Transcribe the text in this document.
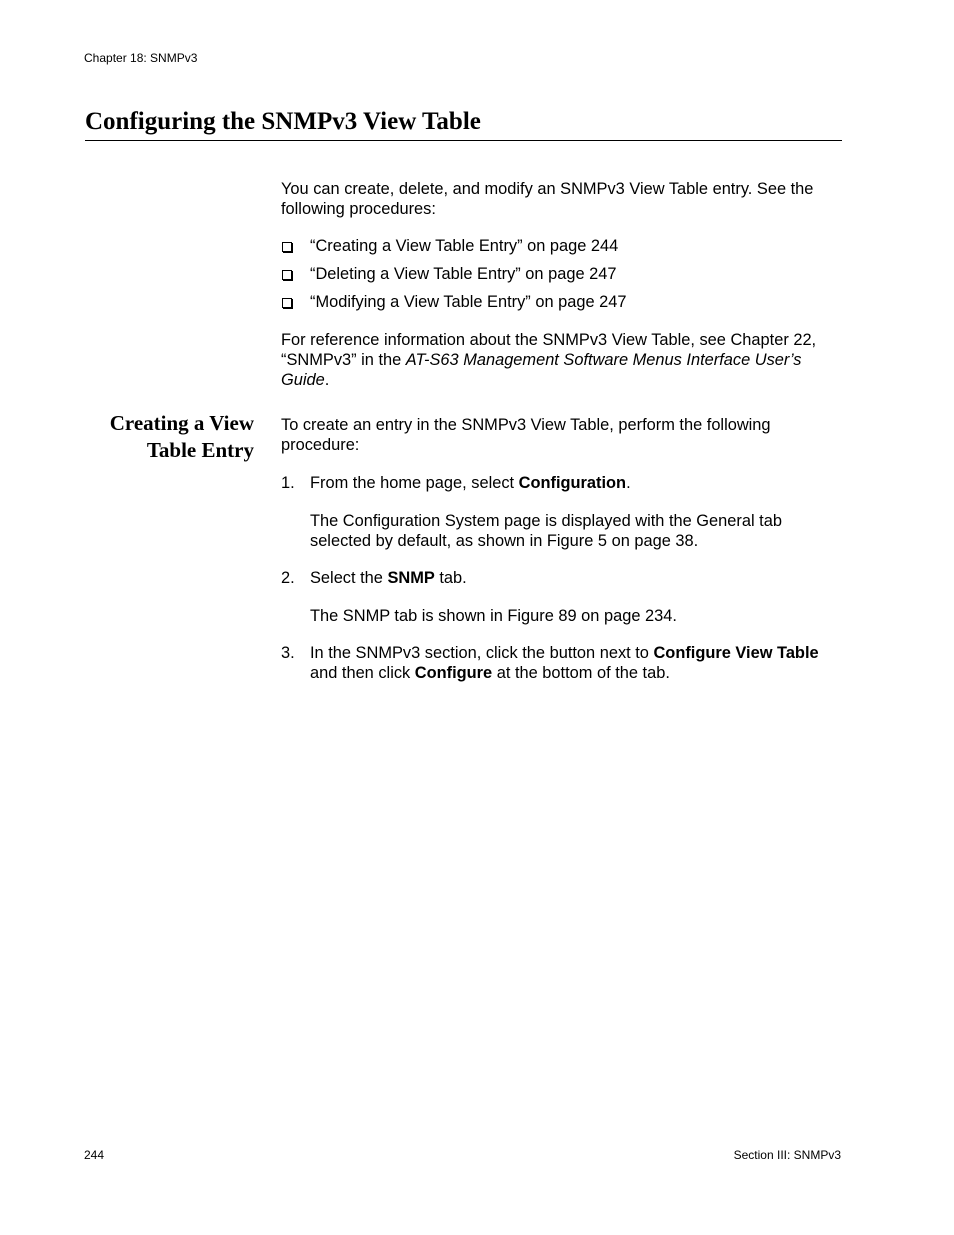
Chapter 18: SNMPv3
Configuring the SNMPv3 View Table

You can create, delete, and modify an SNMPv3 View Table entry. See the following procedures:

“Creating a View Table Entry” on page 244
“Deleting a View Table Entry” on page 247
“Modifying a View Table Entry” on page 247

For reference information about the SNMPv3 View Table, see Chapter 22, “SNMPv3” in the AT-S63 Management Software Menus Interface User’s Guide.

Creating a View
Table Entry

To create an entry in the SNMPv3 View Table, perform the following procedure:

1. From the home page, select Configuration.
The Configuration System page is displayed with the General tab selected by default, as shown in Figure 5 on page 38.
2. Select the SNMP tab.
The SNMP tab is shown in Figure 89 on page 234.
3. In the SNMPv3 section, click the button next to Configure View Table and then click Configure at the bottom of the tab.
244	Section III: SNMPv3
